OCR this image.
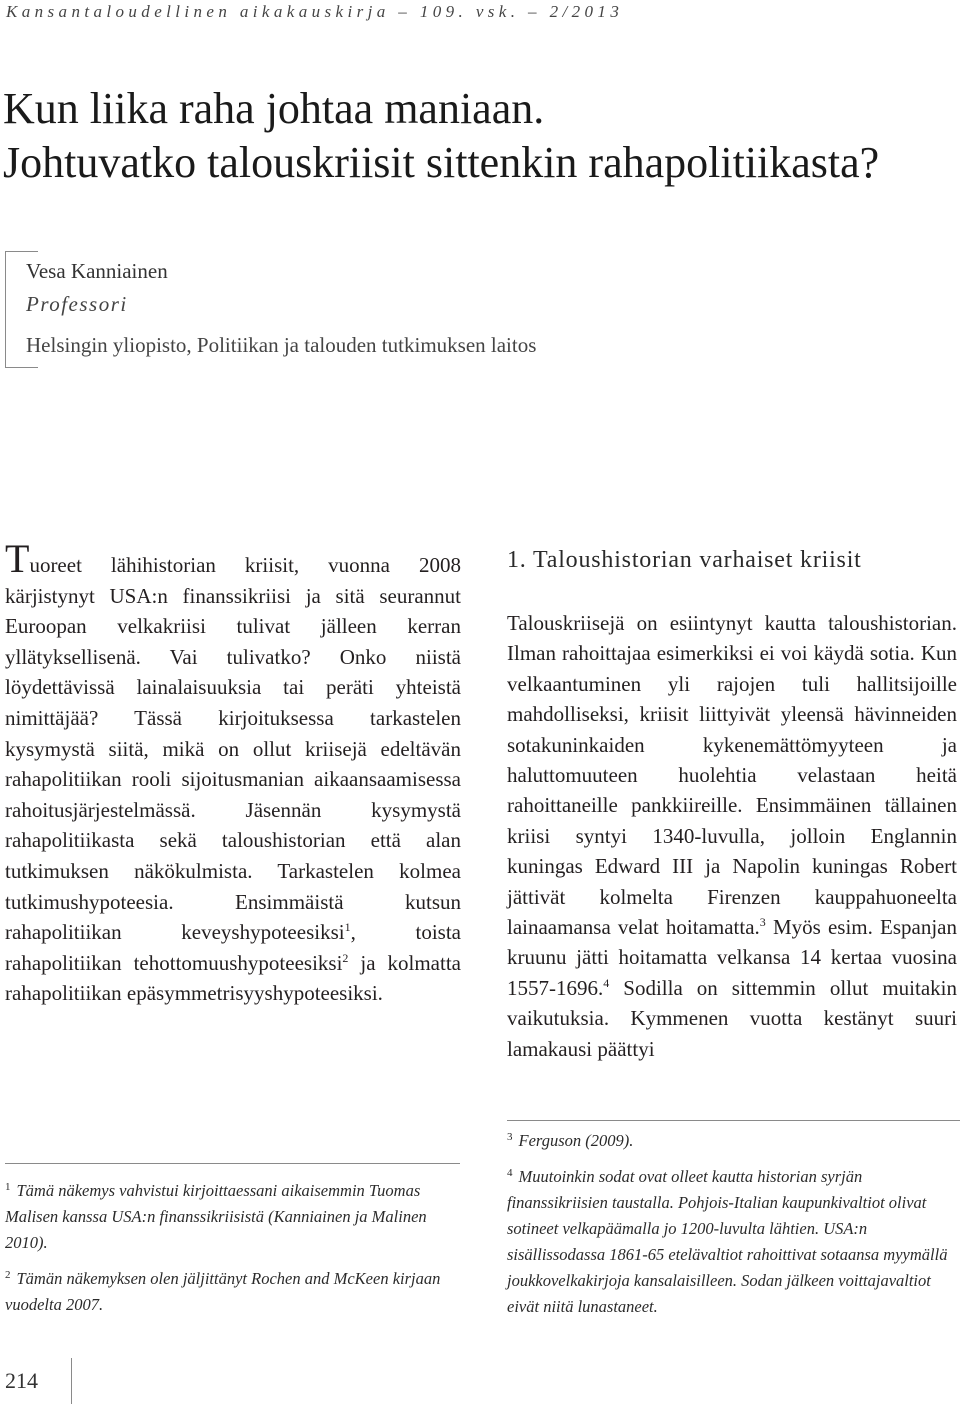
Kansantaloudellinen aikakauskirja – 109. vsk. – 2/2013
Kun liika raha johtaa maniaan.
Johtuvatko talouskriisit sittenkin rahapolitiikasta?
Vesa Kanniainen
Professori
Helsingin yliopisto, Politiikan ja talouden tutkimuksen laitos

Tuoreet lähihistorian kriisit, vuonna 2008 kärjistynyt USA:n finanssikriisi ja sitä seurannut Euroopan velkakriisi tulivat jälleen kerran yllätyksellisenä. Vai tulivatko? Onko niistä löydettävissä lainalaisuuksia tai peräti yhteistä nimittäjää? Tässä kirjoituksessa tarkastelen kysymystä siitä, mikä on ollut kriisejä edeltävän rahapolitiikan rooli sijoitusmanian aikaansaamisessa rahoitusjärjestelmässä. Jäsennän kysymystä rahapolitiikasta sekä taloushistorian että alan tutkimuksen näkökulmista. Tarkastelen kolmea tutkimushypoteesia. Ensimmäistä kutsun rahapolitiikan keveyshypoteesiksi$^1$, toista rahapolitiikan tehottomuushypoteesiksi$^2$ ja kolmatta rahapolitiikan epäsymmetrisyyshypoteesiksi.

1. Taloushistorian varhaiset kriisit

Talouskriisejä on esiintynyt kautta taloushistorian. Ilman rahoittajaa esimerkiksi ei voi käydä sotia. Kun velkaantuminen yli rajojen tuli hallitsijoille mahdolliseksi, kriisit liittyivät yleensä hävinneiden sotakuninkaiden kykenemättömyyteen ja haluttomuuteen huolehtia velastaan heitä rahoittaneille pankkiireille. Ensimmäinen tällainen kriisi syntyi 1340-luvulla, jolloin Englannin kuningas Edward III ja Napolin kuningas Robert jättivät kolmelta Firenzen kauppahuoneelta lainaamansa velat hoitamatta.$^3$ Myös esim. Espanjan kruunu jätti hoitamatta velkansa 14 kertaa vuosina 1557-1696.$^4$ Sodilla on sittemmin ollut muitakin vaikutuksia. Kymmenen vuotta kestänyt suuri lamakausi päättyi

$^1$ Tämä näkemys vahvistui kirjoittaessani aikaisemmin Tuomas Malisen kanssa USA:n finanssikriisistä (Kanniainen ja Malinen 2010).

$^2$ Tämän näkemyksen olen jäljittänyt Rochen and McKeen kirjaan vuodelta 2007.

$^3$ Ferguson (2009).

$^4$ Muutoinkin sodat ovat olleet kautta historian syrjän finanssikriisien taustalla. Pohjois-Italian kaupunkivaltiot olivat sotineet velkapäämalla jo 1200-luvulta lähtien. USA:n sisällissodassa 1861-65 etelävaltiot rahoittivat sotaansa myymällä joukkovelkakirjoja kansalaisilleen. Sodan jälkeen voittajavaltiot eivät niitä lunastaneet.

214
